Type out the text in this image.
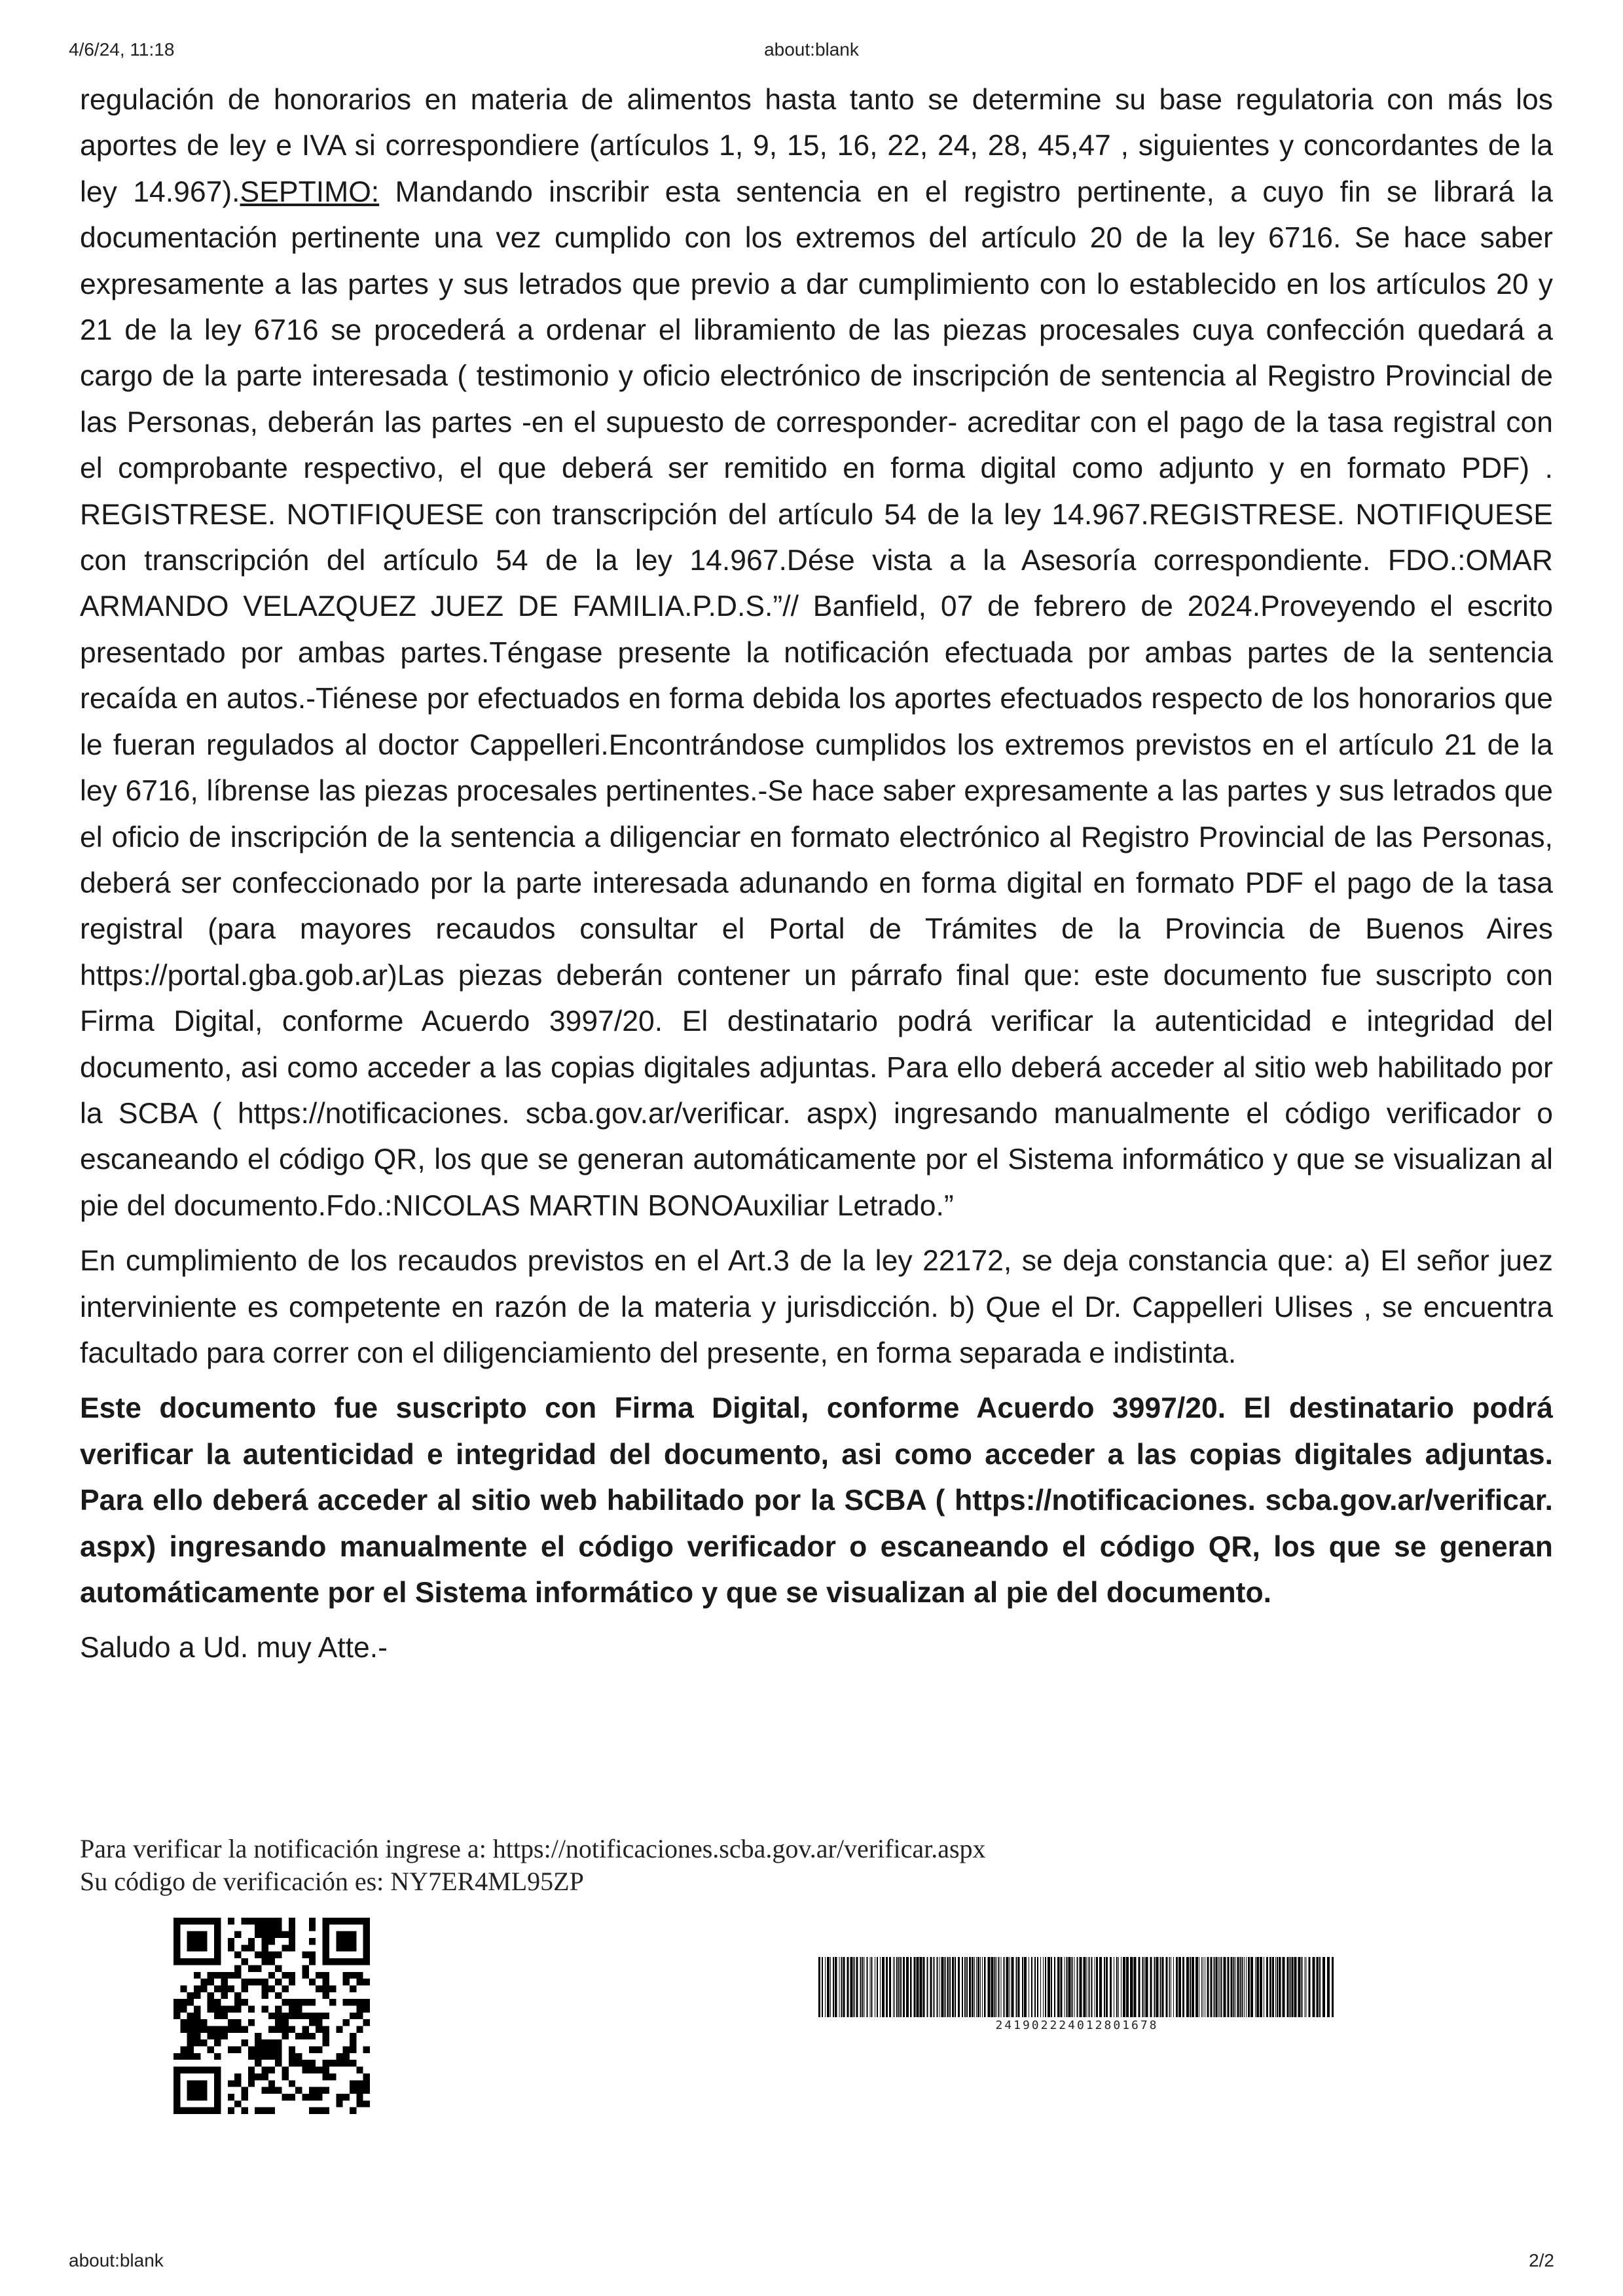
4/6/24, 11:18	about:blank

regulación de honorarios en materia de alimentos hasta tanto se determine su base regulatoria con más los aportes de ley e IVA si correspondiere (artículos 1, 9, 15, 16, 22, 24, 28, 45,47 , siguientes y concordantes de la ley 14.967).SEPTIMO: Mandando inscribir esta sentencia en el registro pertinente, a cuyo fin se librará la documentación pertinente una vez cumplido con los extremos del artículo 20 de la ley 6716. Se hace saber expresamente a las partes y sus letrados que previo a dar cumplimiento con lo establecido en los artículos 20 y 21 de la ley 6716 se procederá a ordenar el libramiento de las piezas procesales cuya confección quedará a cargo de la parte interesada ( testimonio y oficio electrónico de inscripción de sentencia al Registro Provincial de las Personas, deberán las partes -en el supuesto de corresponder- acreditar con el pago de la tasa registral con el comprobante respectivo, el que deberá ser remitido en forma digital como adjunto y en formato PDF) . REGISTRESE. NOTIFIQUESE con transcripción del artículo 54 de la ley 14.967.REGISTRESE. NOTIFIQUESE con transcripción del artículo 54 de la ley 14.967.Dése vista a la Asesoría correspondiente. FDO.:OMAR ARMANDO VELAZQUEZ JUEZ DE FAMILIA.P.D.S.”// Banfield, 07 de febrero de 2024.Proveyendo el escrito presentado por ambas partes.Téngase presente la notificación efectuada por ambas partes de la sentencia recaída en autos.-Tiénese por efectuados en forma debida los aportes efectuados respecto de los honorarios que le fueran regulados al doctor Cappelleri.Encontrándose cumplidos los extremos previstos en el artículo 21 de la ley 6716, líbrense las piezas procesales pertinentes.-Se hace saber expresamente a las partes y sus letrados que el oficio de inscripción de la sentencia a diligenciar en formato electrónico al Registro Provincial de las Personas, deberá ser confeccionado por la parte interesada adunando en forma digital en formato PDF el pago de la tasa registral (para mayores recaudos consultar el Portal de Trámites de la Provincia de Buenos Aires https://portal.gba.gob.ar)Las piezas deberán contener un párrafo final que: este documento fue suscripto con Firma Digital, conforme Acuerdo 3997/20. El destinatario podrá verificar la autenticidad e integridad del documento, asi como acceder a las copias digitales adjuntas. Para ello deberá acceder al sitio web habilitado por la SCBA ( https://notificaciones. scba.gov.ar/verificar. aspx) ingresando manualmente el código verificador o escaneando el código QR, los que se generan automáticamente por el Sistema informático y que se visualizan al pie del documento.Fdo.:NICOLAS MARTIN BONOAuxiliar Letrado.”

En cumplimiento de los recaudos previstos en el Art.3 de la ley 22172, se deja constancia que: a) El señor juez interviniente es competente en razón de la materia y jurisdicción. b) Que el Dr. Cappelleri Ulises , se encuentra facultado para correr con el diligenciamiento del presente, en forma separada e indistinta.

Este documento fue suscripto con Firma Digital, conforme Acuerdo 3997/20. El destinatario podrá verificar la autenticidad e integridad del documento, asi como acceder a las copias digitales adjuntas. Para ello deberá acceder al sitio web habilitado por la SCBA ( https://notificaciones. scba.gov.ar/verificar. aspx) ingresando manualmente el código verificador o escaneando el código QR, los que se generan automáticamente por el Sistema informático y que se visualizan al pie del documento.

Saludo a Ud. muy Atte.-

Para verificar la notificación ingrese a: https://notificaciones.scba.gov.ar/verificar.aspx
Su código de verificación es: NY7ER4ML95ZP
241902224012801678
about:blank	2/2
